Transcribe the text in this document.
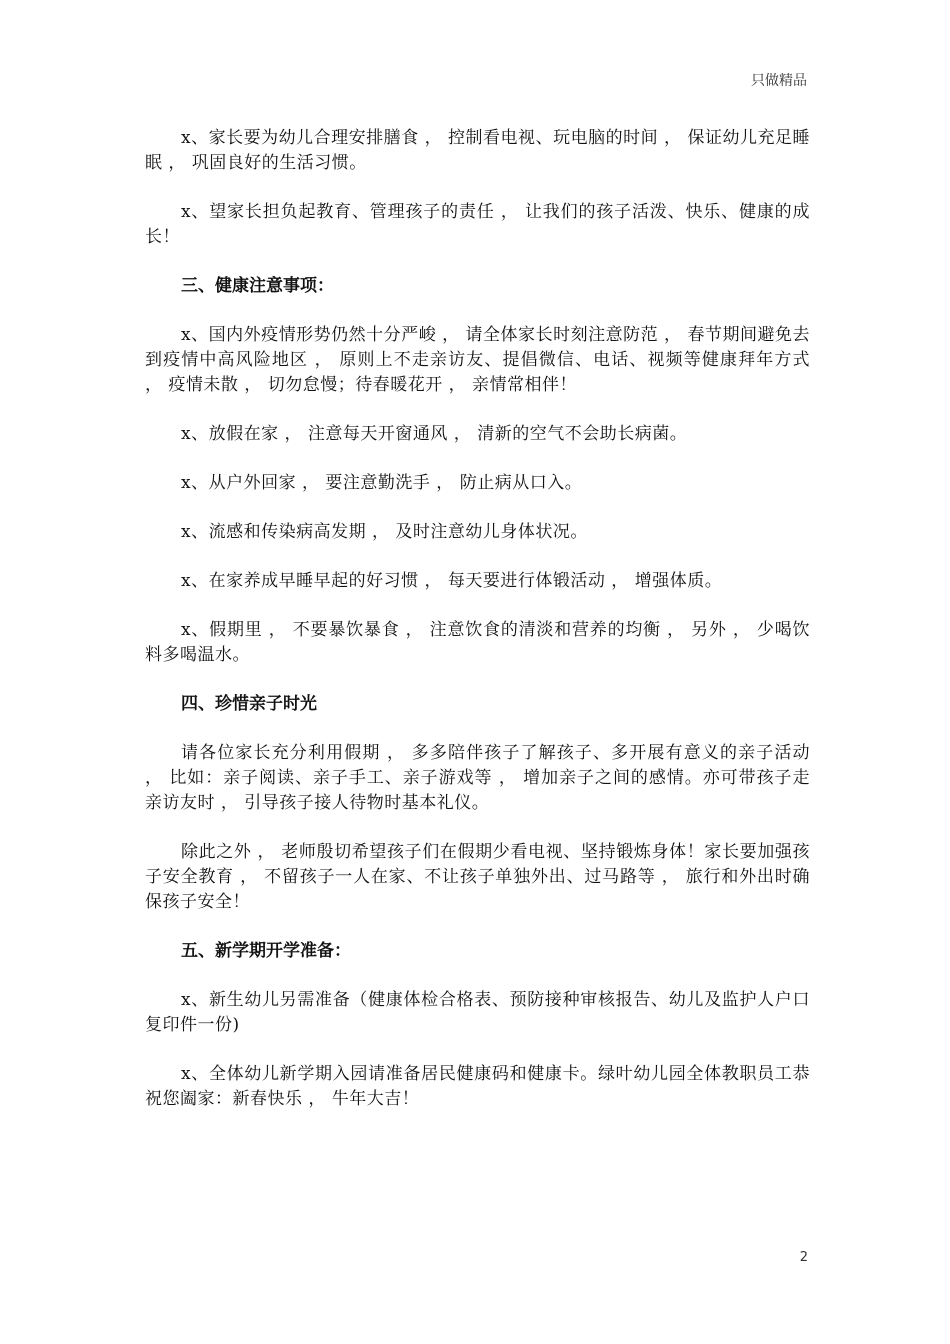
只做精品

x、家长要为幼儿合理安排膳食 ， 控制看电视、玩电脑的时间 ， 保证幼儿充足睡眠 ， 巩固良好的生活习惯。

x、望家长担负起教育、管理孩子的责任 ， 让我们的孩子活泼、快乐、健康的成长！

三、健康注意事项：

x、国内外疫情形势仍然十分严峻 ， 请全体家长时刻注意防范 ， 春节期间避免去到疫情中高风险地区 ， 原则上不走亲访友、提倡微信、电话、视频等健康拜年方式 ， 疫情未散 ， 切勿怠慢；待春暖花开 ， 亲情常相伴！

x、放假在家 ， 注意每天开窗通风 ， 清新的空气不会助长病菌。

x、从户外回家 ， 要注意勤洗手 ， 防止病从口入。

x、流感和传染病高发期 ， 及时注意幼儿身体状况。

x、在家养成早睡早起的好习惯 ， 每天要进行体锻活动 ， 增强体质。

x、假期里 ， 不要暴饮暴食 ， 注意饮食的清淡和营养的均衡 ， 另外 ， 少喝饮料多喝温水。

四、珍惜亲子时光

请各位家长充分利用假期 ， 多多陪伴孩子了解孩子、多开展有意义的亲子活动 ， 比如：亲子阅读、亲子手工、亲子游戏等 ， 增加亲子之间的感情。亦可带孩子走亲访友时 ， 引导孩子接人待物时基本礼仪。

除此之外 ， 老师殷切希望孩子们在假期少看电视、坚持锻炼身体！家长要加强孩子安全教育 ， 不留孩子一人在家、不让孩子单独外出、过马路等 ， 旅行和外出时确保孩子安全！

五、新学期开学准备：

x、新生幼儿另需准备（健康体检合格表、预防接种审核报告、幼儿及监护人户口复印件一份)

x、全体幼儿新学期入园请准备居民健康码和健康卡。绿叶幼儿园全体教职员工恭祝您阖家：新春快乐 ， 牛年大吉！

2
